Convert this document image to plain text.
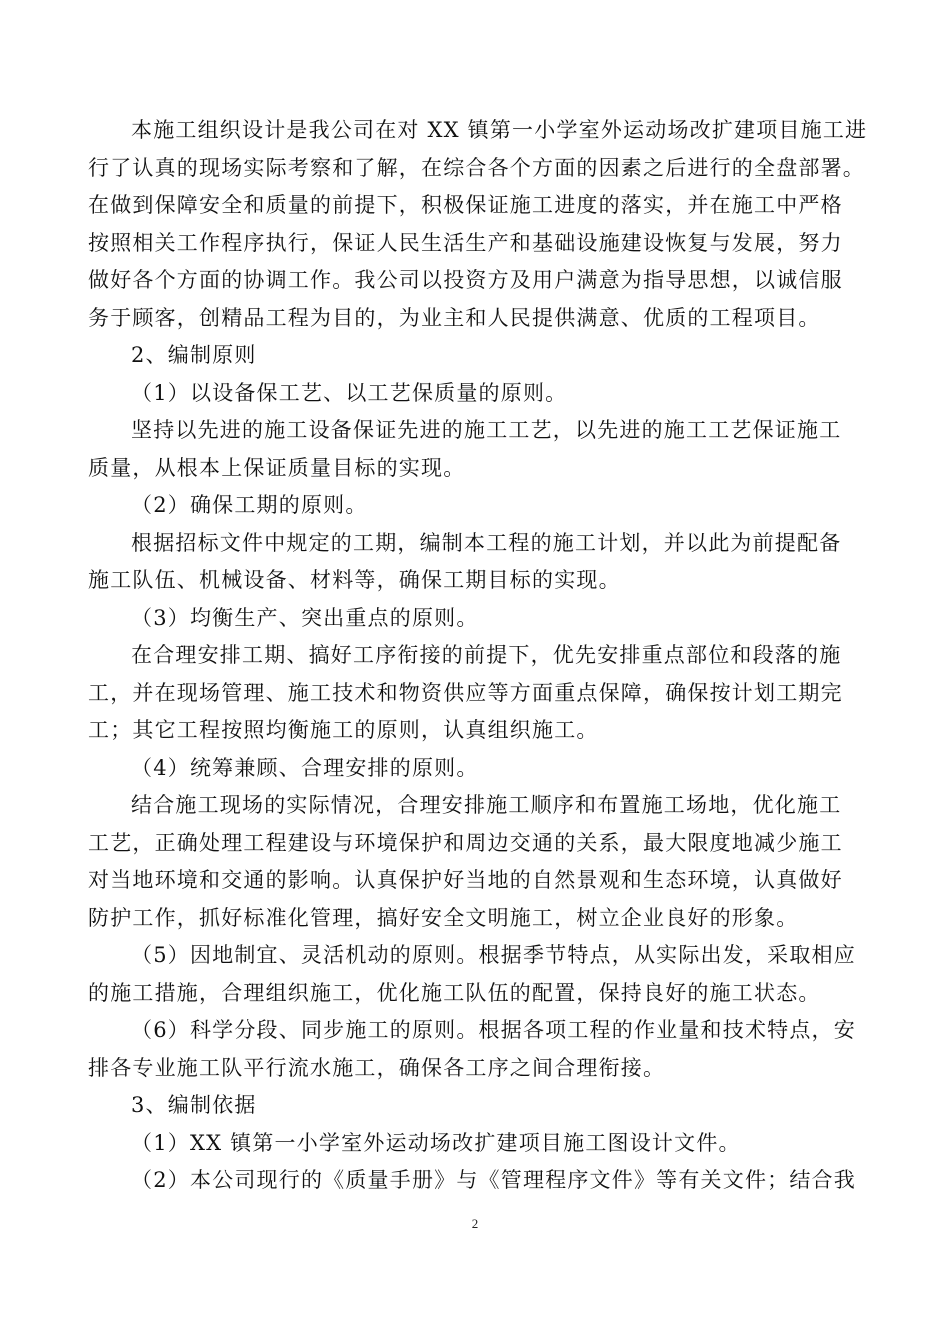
本施工组织设计是我公司在对 XX 镇第一小学室外运动场改扩建项目施工进
行了认真的现场实际考察和了解，在综合各个方面的因素之后进行的全盘部署。
在做到保障安全和质量的前提下，积极保证施工进度的落实，并在施工中严格
按照相关工作程序执行，保证人民生活生产和基础设施建设恢复与发展，努力
做好各个方面的协调工作。我公司以投资方及用户满意为指导思想，以诚信服
务于顾客，创精品工程为目的，为业主和人民提供满意、优质的工程项目。
2、编制原则
（1）以设备保工艺、以工艺保质量的原则。
坚持以先进的施工设备保证先进的施工工艺，以先进的施工工艺保证施工
质量，从根本上保证质量目标的实现。
（2）确保工期的原则。
根据招标文件中规定的工期，编制本工程的施工计划，并以此为前提配备
施工队伍、机械设备、材料等，确保工期目标的实现。
（3）均衡生产、突出重点的原则。
在合理安排工期、搞好工序衔接的前提下，优先安排重点部位和段落的施
工，并在现场管理、施工技术和物资供应等方面重点保障，确保按计划工期完
工；其它工程按照均衡施工的原则，认真组织施工。
（4）统筹兼顾、合理安排的原则。
结合施工现场的实际情况，合理安排施工顺序和布置施工场地，优化施工
工艺，正确处理工程建设与环境保护和周边交通的关系，最大限度地减少施工
对当地环境和交通的影响。认真保护好当地的自然景观和生态环境，认真做好
防护工作，抓好标准化管理，搞好安全文明施工，树立企业良好的形象。
（5）因地制宜、灵活机动的原则。根据季节特点，从实际出发，采取相应
的施工措施，合理组织施工，优化施工队伍的配置，保持良好的施工状态。
（6）科学分段、同步施工的原则。根据各项工程的作业量和技术特点，安
排各专业施工队平行流水施工，确保各工序之间合理衔接。
3、编制依据
（1）XX 镇第一小学室外运动场改扩建项目施工图设计文件。
（2）本公司现行的《质量手册》与《管理程序文件》等有关文件；结合我
2
